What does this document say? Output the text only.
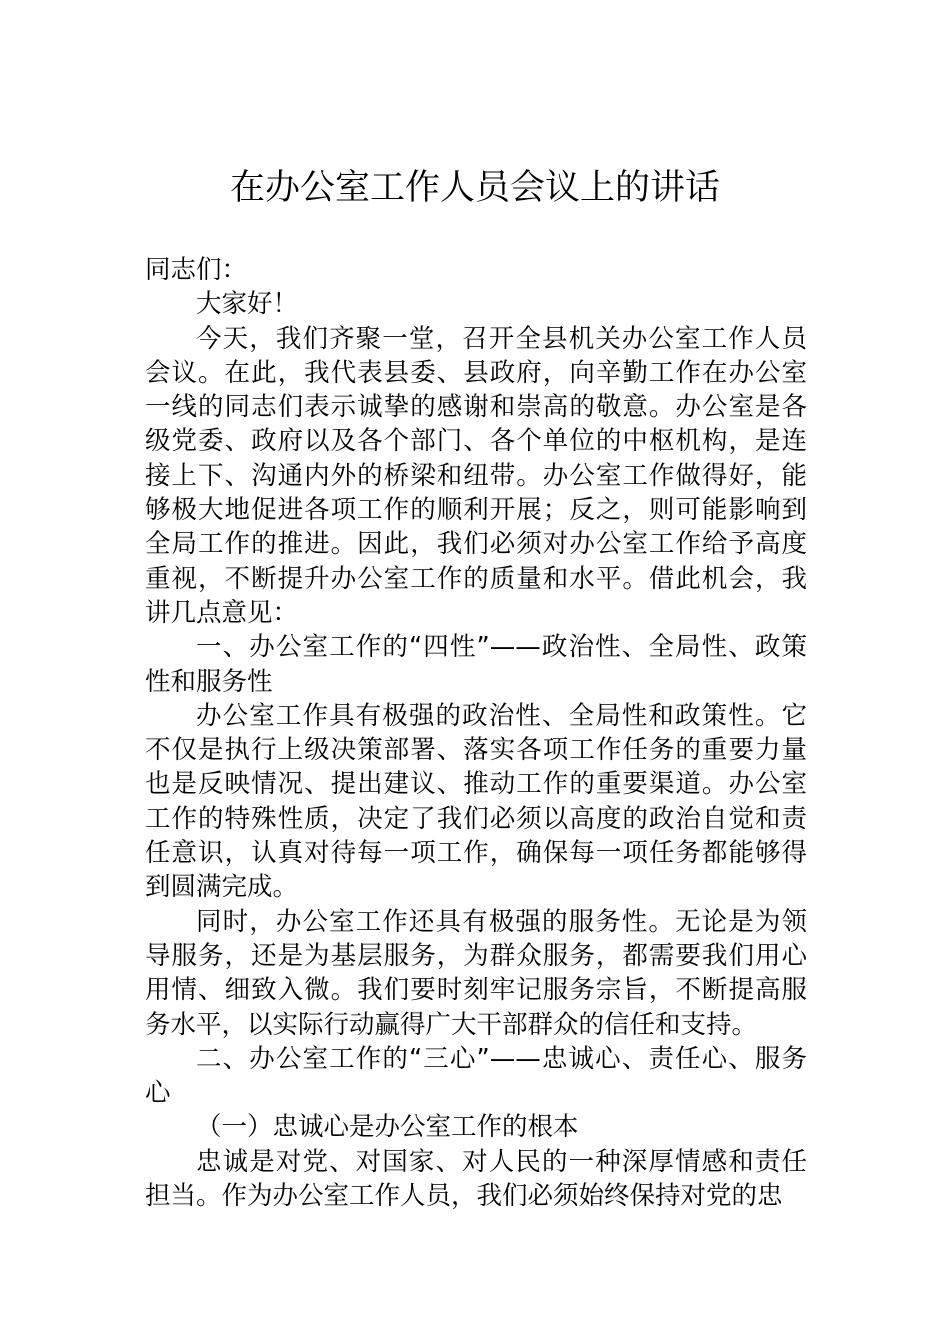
在办公室工作人员会议上的讲话

同志们：

大家好！

今天，我们齐聚一堂，召开全县机关办公室工作人员会议。在此，我代表县委、县政府，向辛勤工作在办公室一线的同志们表示诚挚的感谢和崇高的敬意。办公室是各级党委、政府以及各个部门、各个单位的中枢机构，是连接上下、沟通内外的桥梁和纽带。办公室工作做得好，能够极大地促进各项工作的顺利开展；反之，则可能影响到全局工作的推进。因此，我们必须对办公室工作给予高度重视，不断提升办公室工作的质量和水平。借此机会，我讲几点意见：

一、办公室工作的“四性”——政治性、全局性、政策性和服务性

办公室工作具有极强的政治性、全局性和政策性。它不仅是执行上级决策部署、落实各项工作任务的重要力量也是反映情况、提出建议、推动工作的重要渠道。办公室工作的特殊性质，决定了我们必须以高度的政治自觉和责任意识，认真对待每一项工作，确保每一项任务都能够得到圆满完成。

同时，办公室工作还具有极强的服务性。无论是为领导服务，还是为基层服务，为群众服务，都需要我们用心用情、细致入微。我们要时刻牢记服务宗旨，不断提高服务水平，以实际行动赢得广大干部群众的信任和支持。

二、办公室工作的“三心”——忠诚心、责任心、服务心

（一）忠诚心是办公室工作的根本

忠诚是对党、对国家、对人民的一种深厚情感和责任担当。作为办公室工作人员，我们必须始终保持对党的忠
